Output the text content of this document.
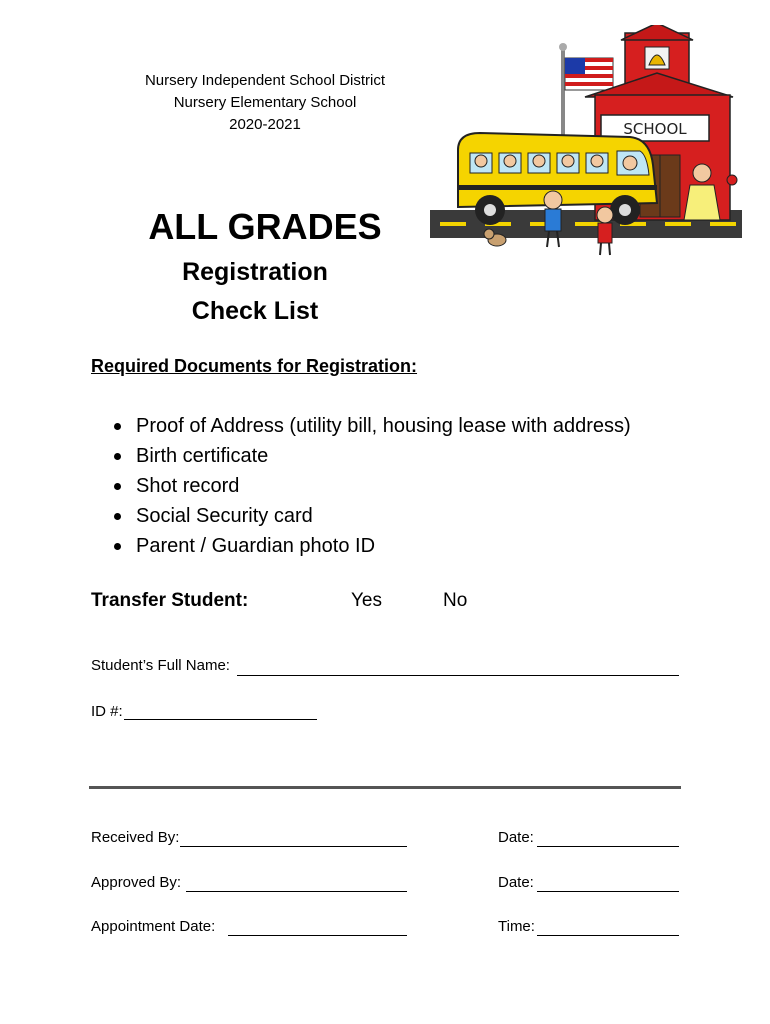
Nursery Independent School District
Nursery Elementary School
2020-2021	SCHOOL
ALL GRADES
Registration
Check List
Required Documents for Registration:
Proof of Address (utility bill, housing lease with address)
Birth certificate
Shot record
Social Security card
Parent / Guardian photo ID
Transfer Student:	Yes	No
Student’s Full Name:
ID #:
Received By:	Date:
Approved By:	Date:
Appointment Date:	Time:
